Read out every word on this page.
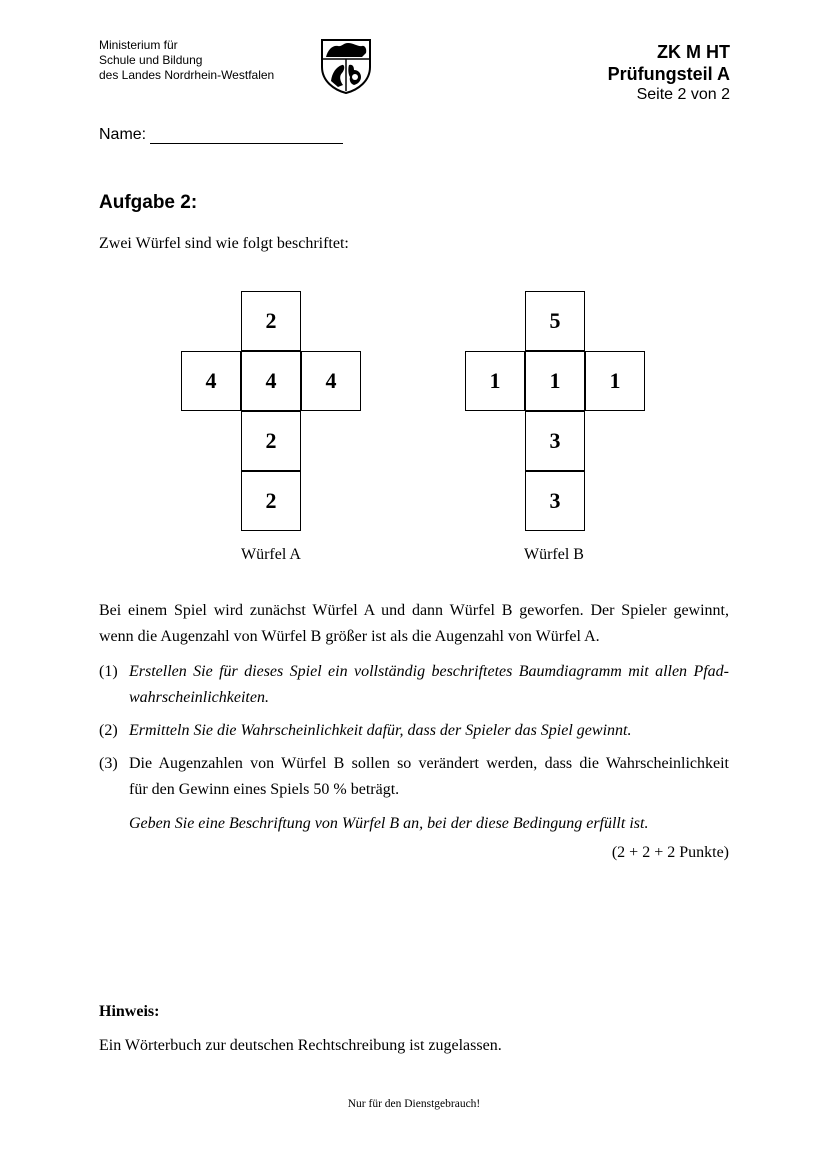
Ministerium für
Schule und Bildung
des Landes Nordrhein-Westfalen
ZK M HT
Prüfungsteil A
Seite 2 von 2
Name:
Aufgabe 2:
Zwei Würfel sind wie folgt beschriftet:
2
4	4	4
2
2
Würfel A
5
1	1	1
3
3
Würfel B
Bei einem Spiel wird zunächst Würfel A und dann Würfel B geworfen. Der Spieler gewinnt,
wenn die Augenzahl von Würfel B größer ist als die Augenzahl von Würfel A.
(1) Erstellen Sie für dieses Spiel ein vollständig beschriftetes Baumdiagramm mit allen Pfad-
wahrscheinlichkeiten.
(2) Ermitteln Sie die Wahrscheinlichkeit dafür, dass der Spieler das Spiel gewinnt.
(3) Die Augenzahlen von Würfel B sollen so verändert werden, dass die Wahrscheinlichkeit
für den Gewinn eines Spiels 50 % beträgt.
Geben Sie eine Beschriftung von Würfel B an, bei der diese Bedingung erfüllt ist.
(2 + 2 + 2 Punkte)
Hinweis:
Ein Wörterbuch zur deutschen Rechtschreibung ist zugelassen.
Nur für den Dienstgebrauch!
